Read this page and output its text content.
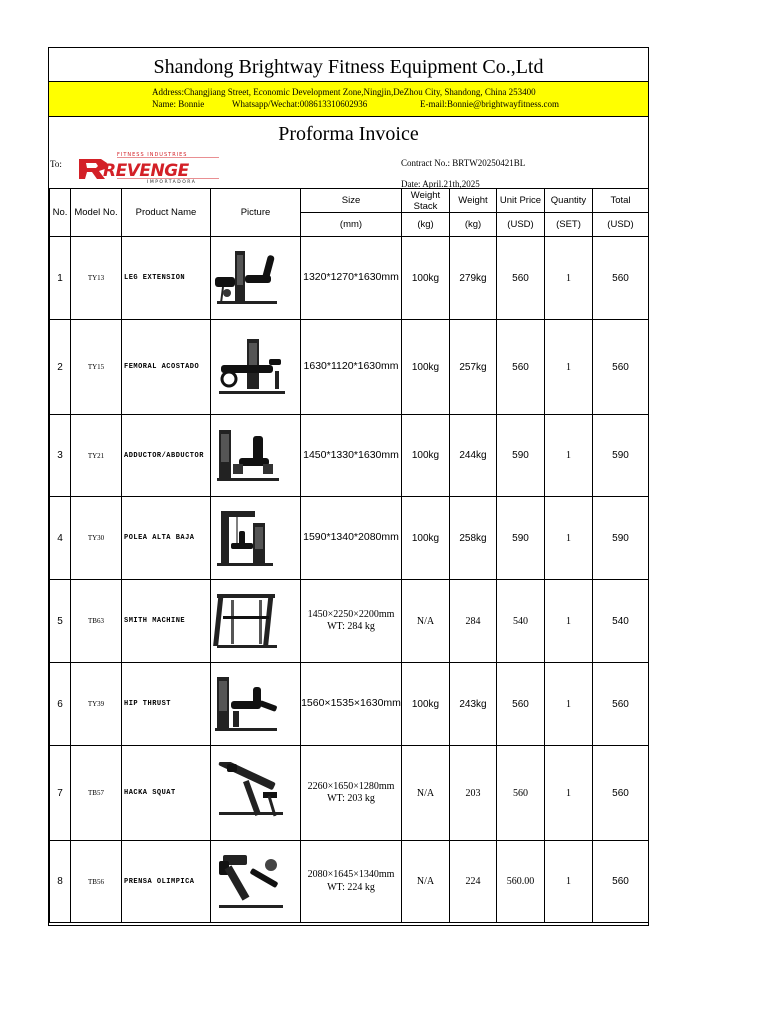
Shandong Brightway Fitness Equipment Co.,Ltd
Address:Changjiang Street, Economic Development Zone,Ningjin,DeZhou City, Shandong, China 253400
Name: Bonnie	Whatsapp/Wechat:008613310602936	E-mail:Bonnie@brightwayfitness.com
Proforma Invoice
To:
FITNESS INDUSTRIES
REVENGE
IMPORTADORA
Contract No.: BRTW20250421BL
Date: April.21th,2025
No.	Model No.	Product Name	Picture	Size	Weight Stack	Weight	Unit Price	Quantity	Total
				(mm)	(kg)	(kg)	(USD)	(SET)	(USD)
1	TY13	LEG EXTENSION		1320*1270*1630mm	100kg	279kg	560	1	560
2	TY15	FEMORAL ACOSTADO		1630*1120*1630mm	100kg	257kg	560	1	560
3	TY21	ADDUCTOR/ABDUCTOR		1450*1330*1630mm	100kg	244kg	590	1	590
4	TY30	POLEA ALTA BAJA		1590*1340*2080mm	100kg	258kg	590	1	590
5	TB63	SMITH MACHINE		1450×2250×2200mm
WT: 284 kg	N/A	284	540	1	540
6	TY39	HIP THRUST		1560×1535×1630mm	100kg	243kg	560	1	560
7	TB57	HACKA SQUAT		2260×1650×1280mm
WT: 203 kg	N/A	203	560	1	560
8	TB56	PRENSA OLIMPICA		2080×1645×1340mm
WT: 224 kg	N/A	224	560.00	1	560
